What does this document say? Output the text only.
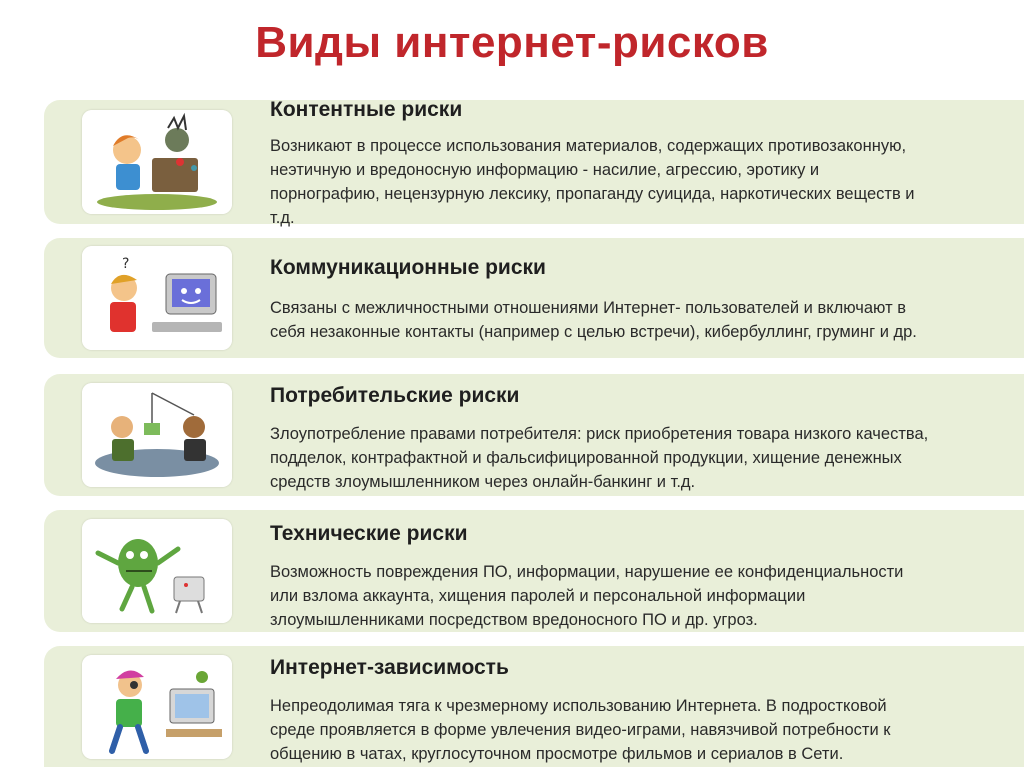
Виды интернет-рисков
Контентные риски
Возникают в процессе использования материалов, содержащих противозаконную,
неэтичную и вредоносную информацию - насилие, агрессию, эротику и
порнографию, нецензурную лексику, пропаганду суицида, наркотических веществ и
т.д.
?	Коммуникационные риски
Связаны с межличностными отношениями Интернет- пользователей и включают в
себя незаконные контакты (например с целью встречи), кибербуллинг, груминг и др.
Потребительские риски
Злоупотребление правами потребителя: риск приобретения товара низкого качества,
подделок, контрафактной и фальсифицированной продукции, хищение денежных
средств злоумышленником через онлайн-банкинг и т.д.
Технические риски
Возможность повреждения ПО, информации, нарушение ее конфиденциальности
или взлома аккаунта, хищения паролей и персональной информации
злоумышленниками посредством вредоносного ПО и др. угроз.
Интернет-зависимость
Непреодолимая тяга к чрезмерному использованию Интернета. В подростковой
среде проявляется в форме увлечения видео-играми, навязчивой потребности к
общению в чатах, круглосуточном просмотре фильмов и сериалов в Сети.
